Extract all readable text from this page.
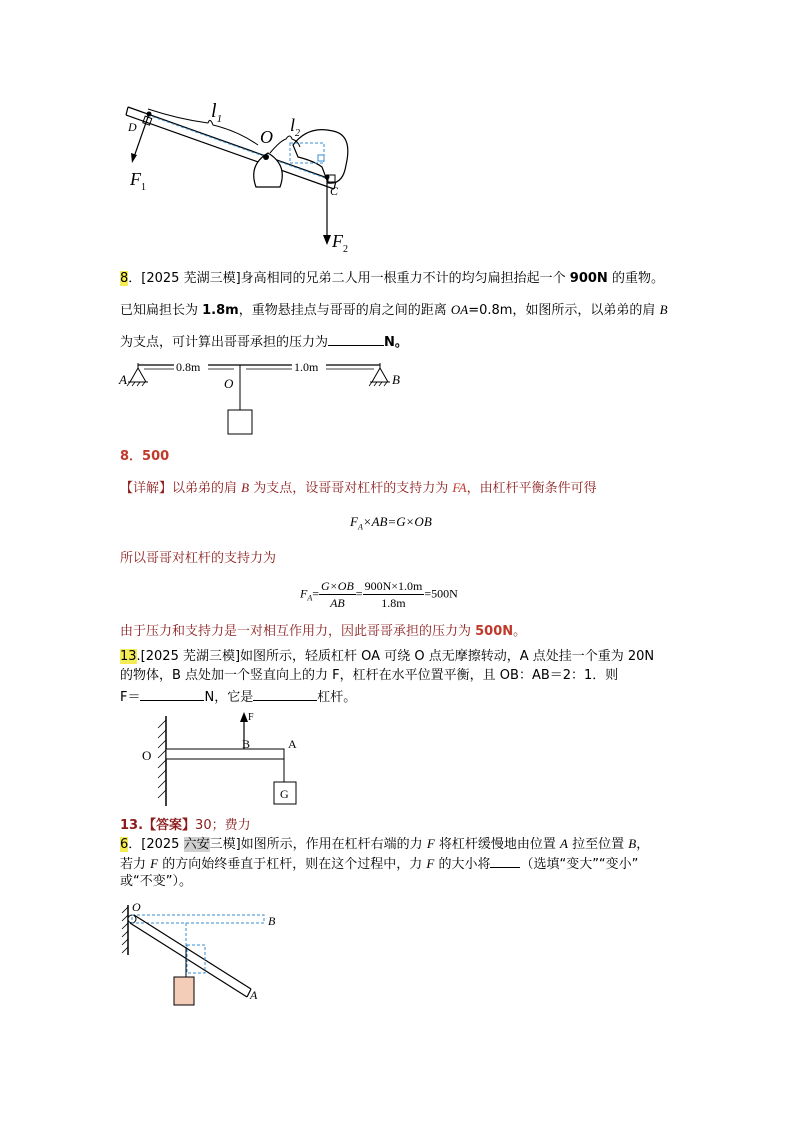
$l_1$	$l_2$
O
D
C
$F_1$
$F_2$
8．[2025 芜湖三模]身高相同的兄弟二人用一根重力不计的均匀扁担抬起一个 900N 的重物。
已知扁担长为 1.8m，重物悬挂点与哥哥的肩之间的距离 OA=0.8m，如图所示，以弟弟的肩 B
为支点，可计算出哥哥承担的压力为	N。
A	O	B
0.8m	1.0m
8．500
【详解】以弟弟的肩 B 为支点，设哥哥对杠杆的支持力为 FA，由杠杆平衡条件可得
$F_A\times AB=G\times OB$
所以哥哥对杠杆的支持力为
$F_A= \frac{G\times OB}{AB} = \frac{900N\times 1.0m}{1.8m} =500N$
由于压力和支持力是一对相互作用力，因此哥哥承担的压力为 500N。
13.[2025 芜湖三模]如图所示，轻质杠杆 OA 可绕 O 点无摩擦转动，A 点处挂一个重为 20N
的物体，B 点处加一个竖直向上的力 F，杠杆在水平位置平衡，且 OB：AB＝2：1．则
F＝	N，它是	杠杆。
O
B	A
F
G
13.【答案】30；费力
6．[2025 六安三模]如图所示，作用在杠杆右端的力 F 将杠杆缓慢地由位置 A 拉至位置 B，
若力 F 的方向始终垂直于杠杆，则在这个过程中，力 F 的大小将 （选填“变大”“变小”
或“不变”）。
O
B
A
